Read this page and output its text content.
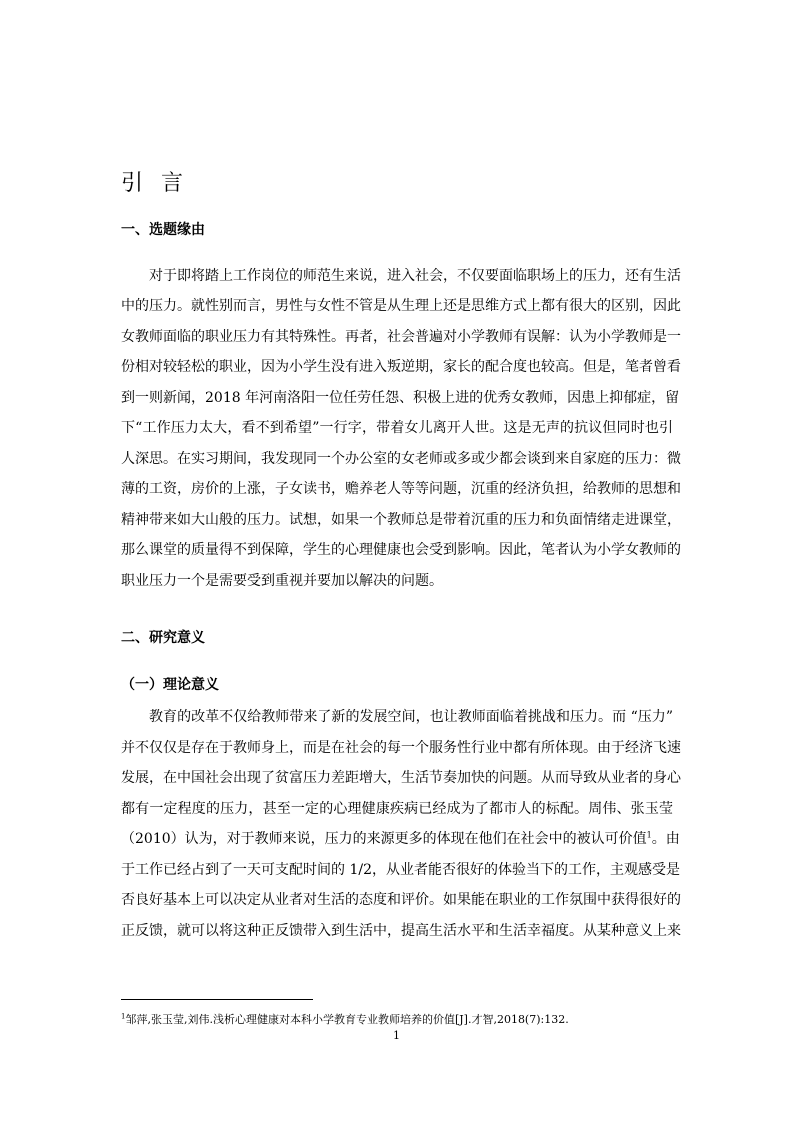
引 言
一、选题缘由
对于即将踏上工作岗位的师范生来说，进入社会，不仅要面临职场上的压力，还有生活
中的压力。就性别而言，男性与女性不管是从生理上还是思维方式上都有很大的区别，因此
女教师面临的职业压力有其特殊性。再者，社会普遍对小学教师有误解：认为小学教师是一
份相对较轻松的职业，因为小学生没有进入叛逆期，家长的配合度也较高。但是，笔者曾看
到一则新闻，2018 年河南洛阳一位任劳任怨、积极上进的优秀女教师，因患上抑郁症，留
下“工作压力太大，看不到希望”一行字，带着女儿离开人世。这是无声的抗议但同时也引
人深思。在实习期间，我发现同一个办公室的女老师或多或少都会谈到来自家庭的压力：微
薄的工资，房价的上涨，子女读书，赡养老人等等问题，沉重的经济负担，给教师的思想和
精神带来如大山般的压力。试想，如果一个教师总是带着沉重的压力和负面情绪走进课堂，
那么课堂的质量得不到保障，学生的心理健康也会受到影响。因此，笔者认为小学女教师的
职业压力一个是需要受到重视并要加以解决的问题。
二、研究意义
（一）理论意义
教育的改革不仅给教师带来了新的发展空间，也让教师面临着挑战和压力。而 “压力”
并不仅仅是存在于教师身上，而是在社会的每一个服务性行业中都有所体现。由于经济飞速
发展，在中国社会出现了贫富压力差距增大，生活节奏加快的问题。从而导致从业者的身心
都有一定程度的压力，甚至一定的心理健康疾病已经成为了都市人的标配。周伟、张玉莹
（2010）认为，对于教师来说，压力的来源更多的体现在他们在社会中的被认可价值$^1$ 。由
于工作已经占到了一天可支配时间的 1/2，从业者能否很好的体验当下的工作，主观感受是
否良好基本上可以决定从业者对生活的态度和评价。如果能在职业的工作氛围中获得很好的
正反馈，就可以将这种正反馈带入到生活中，提高生活水平和生活幸福度。从某种意义上来
$^1$邹萍,张玉莹,刘伟.浅析心理健康对本科小学教育专业教师培养的价值[J].才智,2018(7):132.
1
